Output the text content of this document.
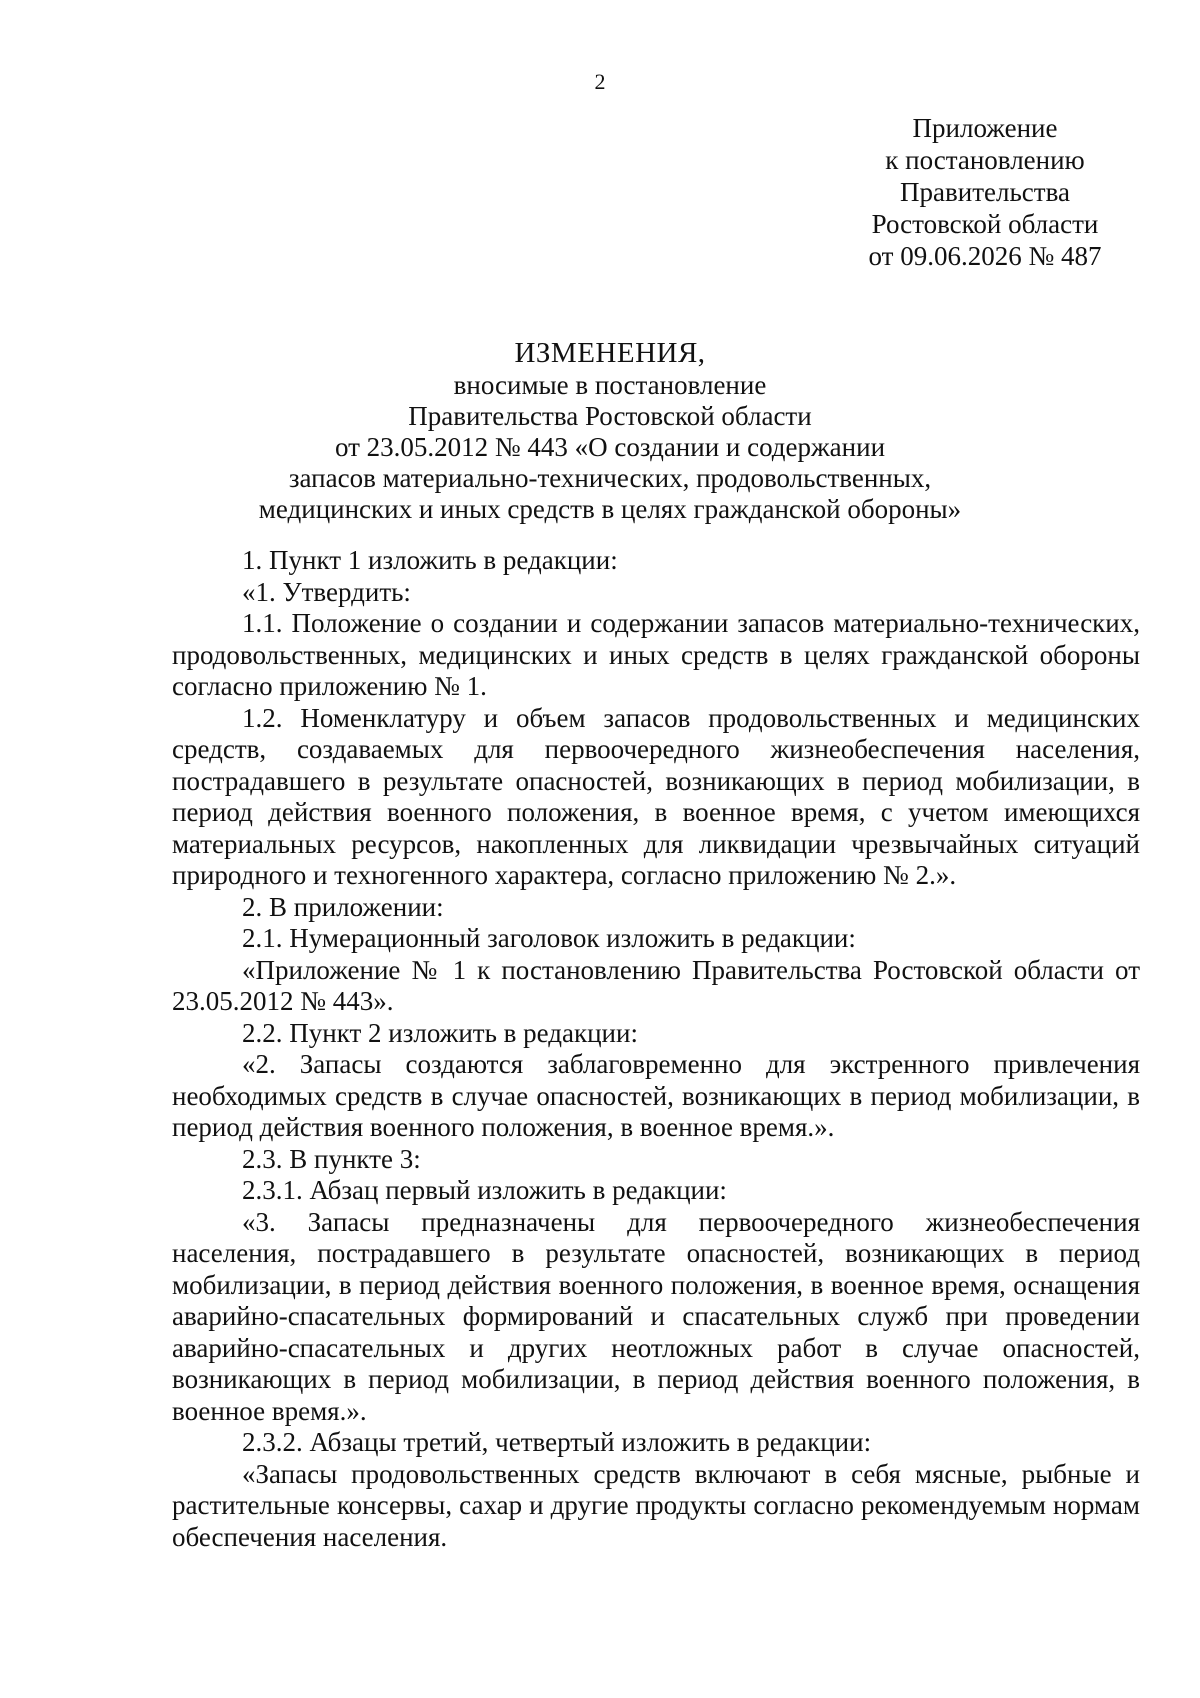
2
Приложение
к постановлению
Правительства
Ростовской области
от 09.06.2026 № 487
ИЗМЕНЕНИЯ,
вносимые в постановление
Правительства Ростовской области
от 23.05.2012 № 443 «О создании и содержании
запасов материально-технических, продовольственных,
медицинских и иных средств в целях гражданской обороны»

1. Пункт 1 изложить в редакции:

«1. Утвердить:

1.1. Положение о создании и содержании запасов материально-технических, продовольственных, медицинских и иных средств в целях гражданской обороны согласно приложению № 1.

1.2. Номенклатуру и объем запасов продовольственных и медицинских средств, создаваемых для первоочередного жизнеобеспечения населения, пострадавшего в результате опасностей, возникающих в период мобилизации, в период действия военного положения, в военное время, с учетом имеющихся материальных ресурсов, накопленных для ликвидации чрезвычайных ситуаций природного и техногенного характера, согласно приложению № 2.».

2. В приложении:

2.1. Нумерационный заголовок изложить в редакции:

«Приложение № 1 к постановлению Правительства Ростовской области от 23.05.2012 № 443».

2.2. Пункт 2 изложить в редакции:

«2. Запасы создаются заблаговременно для экстренного привлечения необходимых средств в случае опасностей, возникающих в период мобилизации, в период действия военного положения, в военное время.».

2.3. В пункте 3:

2.3.1. Абзац первый изложить в редакции:

«3. Запасы предназначены для первоочередного жизнеобеспечения населения, пострадавшего в результате опасностей, возникающих в период мобилизации, в период действия военного положения, в военное время, оснащения аварийно-спасательных формирований и спасательных служб при проведении аварийно-спасательных и других неотложных работ в случае опасностей, возникающих в период мобилизации, в период действия военного положения, в военное время.».

2.3.2. Абзацы третий, четвертый изложить в редакции:

«Запасы продовольственных средств включают в себя мясные, рыбные и растительные консервы, сахар и другие продукты согласно рекомендуемым нормам обеспечения населения.
